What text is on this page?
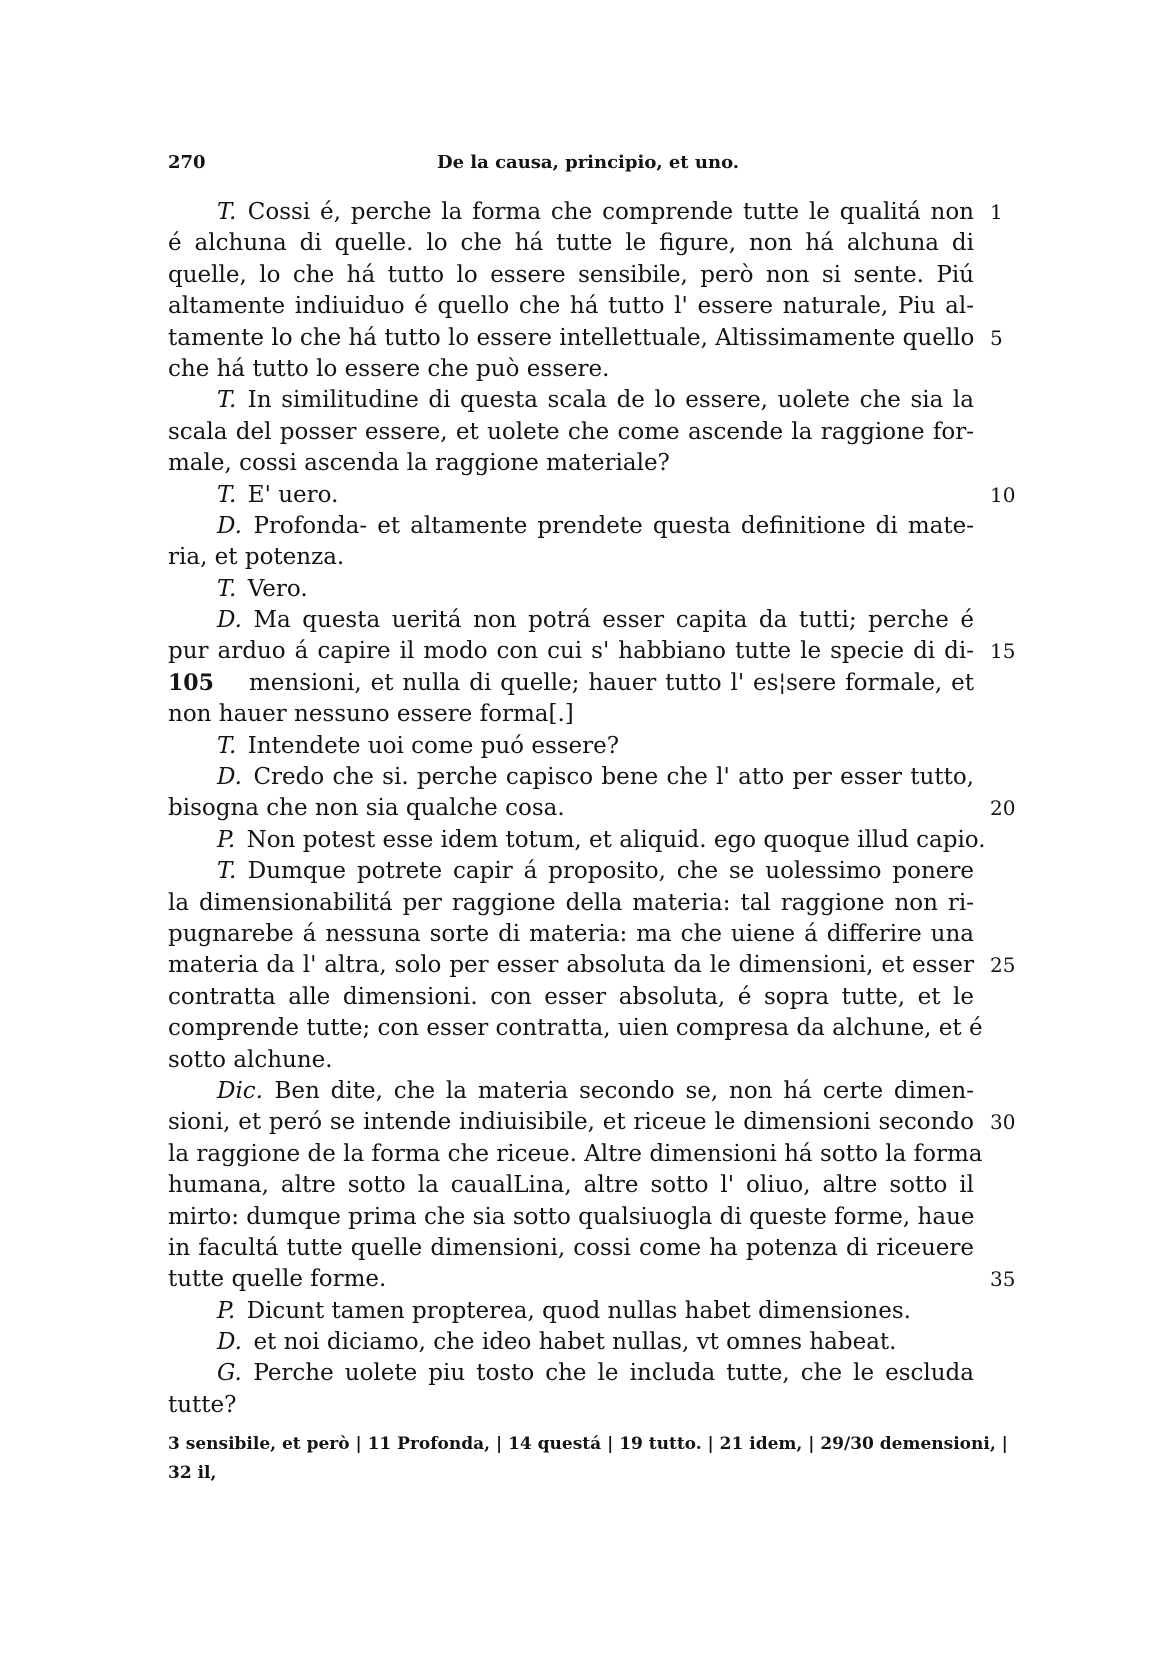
270	De la causa, principio, et uno.
T.  Cossi é, perche la forma che comprende tutte le qualitá non 1
é alchuna di quelle. lo che há tutte le figure, non há alchuna di
quelle, lo che há tutto lo essere sensibile, però non si sente. Piú
altamente indiuiduo é quello che há tutto l' essere naturale, Piu al-
tamente lo che há tutto lo essere intellettuale, Altissimamente quello 5
che há tutto lo essere che può essere.
T.  In similitudine di questa scala de lo essere, uolete che sia la
scala del posser essere, et uolete che come ascende la raggione for-
male, cossi ascenda la raggione materiale?
T.  E' uero.	10
D.  Profonda- et altamente prendete questa definitione di mate-
ria, et potenza.
T.  Vero.
D.  Ma questa ueritá non potrá esser capita da tutti; perche é
pur arduo á capire il modo con cui s' habbiano tutte le specie di di- 15
105 mensioni, et nulla di quelle; hauer tutto l' es¦sere formale, et
non hauer nessuno essere forma[.]
T.  Intendete uoi come puó essere?
D.  Credo che si. perche capisco bene che l' atto per esser tutto,
bisogna che non sia qualche cosa.	20
P.  Non potest esse idem totum, et aliquid. ego quoque illud capio.
T.  Dumque potrete capir á proposito, che se uolessimo ponere
la dimensionabilitá per raggione della materia: tal raggione non ri-
pugnarebe á nessuna sorte di materia: ma che uiene á differire una
materia da l' altra, solo per esser absoluta da le dimensioni, et esser 25
contratta alle dimensioni. con esser absoluta, é sopra tutte, et le
comprende tutte; con esser contratta, uien compresa da alchune, et é
sotto alchune.
Dic.  Ben dite, che la materia secondo se, non há certe dimen-
sioni, et peró se intende indiuisibile, et riceue le dimensioni secondo 30
la raggione de la forma che riceue. Altre dimensioni há sotto la forma
humana, altre sotto la caualLina, altre sotto l' oliuo, altre sotto il
mirto: dumque prima che sia sotto qualsiuogla di queste forme, haue
in facultá tutte quelle dimensioni, cossi come ha potenza di riceuere
tutte quelle forme.	35
P.  Dicunt tamen propterea, quod nullas habet dimensiones.
D.  et noi diciamo, che ideo habet nullas, vt omnes habeat.
G.  Perche uolete piu tosto che le includa tutte, che le escluda
tutte?
3 sensibile, et però | 11 Profonda, | 14 questá | 19 tutto. | 21 idem, | 29/30 demensioni, |
32 il,
